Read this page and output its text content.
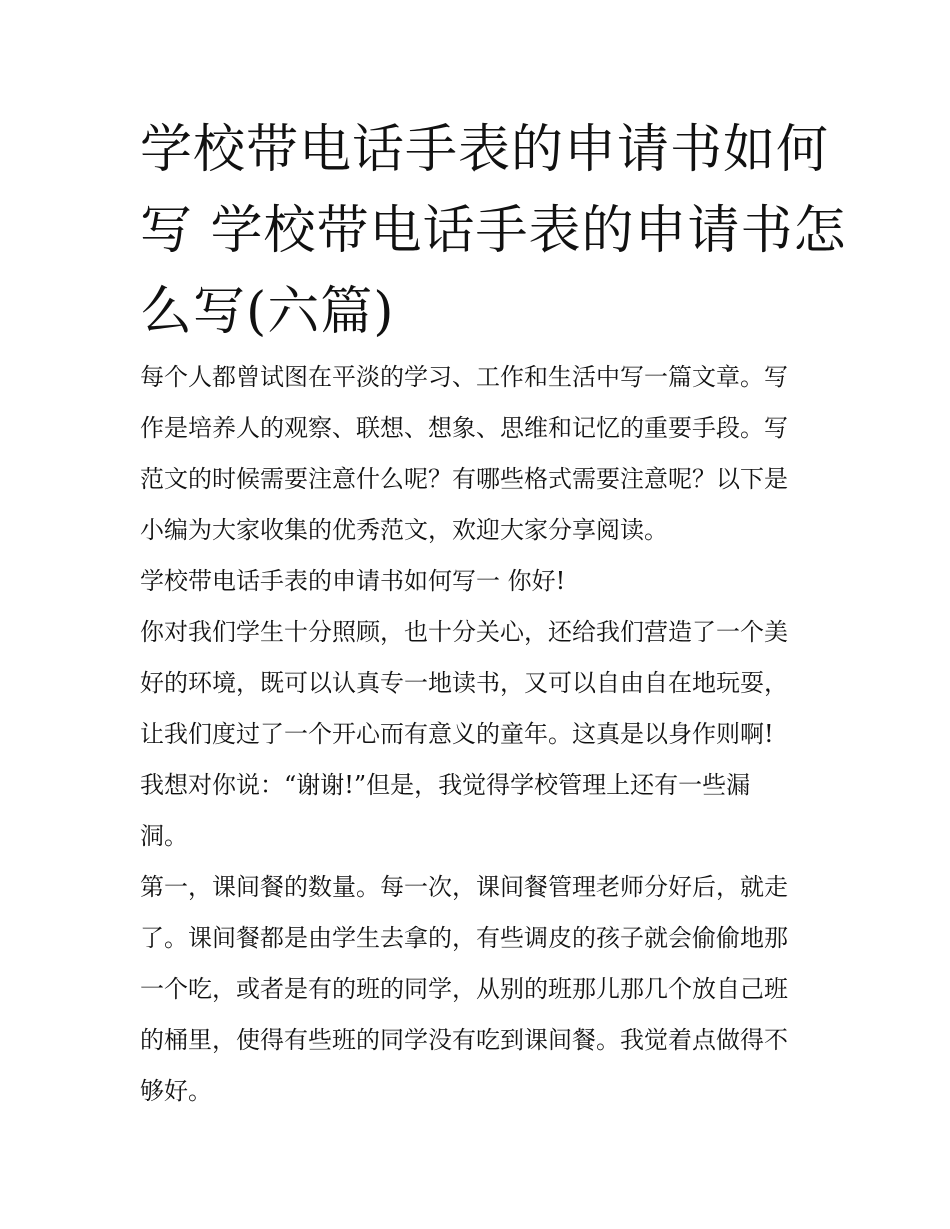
学校带电话手表的申请书如何
写 学校带电话手表的申请书怎
么写(六篇)
每个人都曾试图在平淡的学习、工作和生活中写一篇文章。写
作是培养人的观察、联想、想象、思维和记忆的重要手段。写
范文的时候需要注意什么呢？有哪些格式需要注意呢？以下是
小编为大家收集的优秀范文，欢迎大家分享阅读。
学校带电话手表的申请书如何写一 你好!
你对我们学生十分照顾，也十分关心，还给我们营造了一个美
好的环境，既可以认真专一地读书，又可以自由自在地玩耍，
让我们度过了一个开心而有意义的童年。这真是以身作则啊!
我想对你说：“谢谢!”但是，我觉得学校管理上还有一些漏
洞。
第一，课间餐的数量。每一次，课间餐管理老师分好后，就走
了。课间餐都是由学生去拿的，有些调皮的孩子就会偷偷地那
一个吃，或者是有的班的同学，从别的班那儿那几个放自己班
的桶里，使得有些班的同学没有吃到课间餐。我觉着点做得不
够好。
